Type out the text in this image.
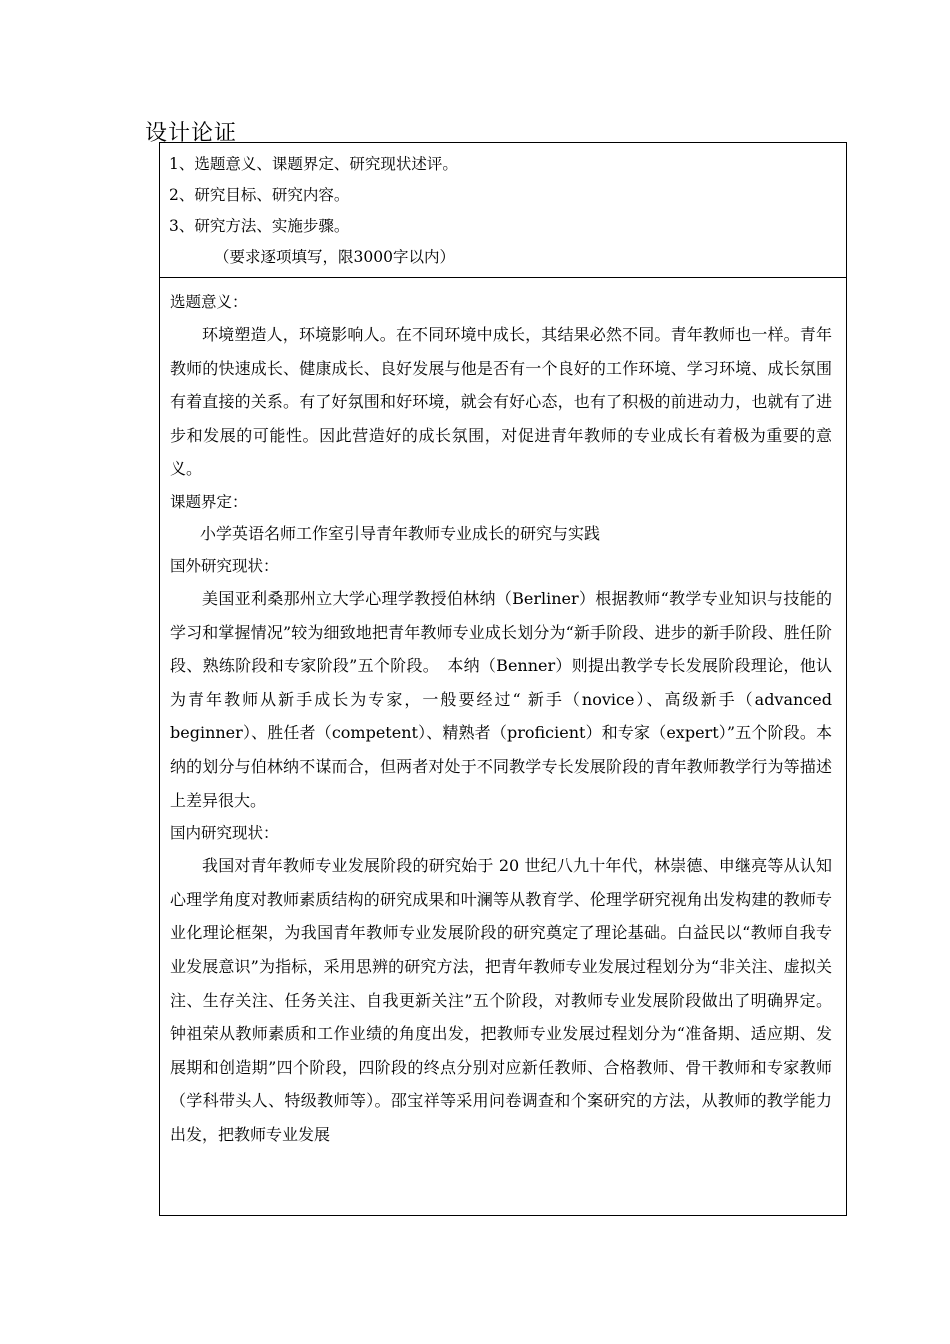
设计论证
1、选题意义、课题界定、研究现状述评。
2、研究目标、研究内容。
3、研究方法、实施步骤。
（要求逐项填写，限3000字以内）
选题意义：

环境塑造人，环境影响人。在不同环境中成长，其结果必然不同。青年教师也一样。青年教师的快速成长、健康成长、良好发展与他是否有一个良好的工作环境、学习环境、成长氛围有着直接的关系。有了好氛围和好环境，就会有好心态，也有了积极的前进动力，也就有了进步和发展的可能性。因此营造好的成长氛围，对促进青年教师的专业成长有着极为重要的意义。

课题界定：
小学英语名师工作室引导青年教师专业成长的研究与实践
国外研究现状：

美国亚利桑那州立大学心理学教授伯林纳（Berliner）根据教师“教学专业知识与技能的学习和掌握情况”较为细致地把青年教师专业成长划分为“新手阶段、进步的新手阶段、胜任阶段、熟练阶段和专家阶段”五个阶段。　本纳（Benner）则提出教学专长发展阶段理论，他认为青年教师从新手成长为专家，一般要经过“ 新手（novice）、高级新手（advanced beginner）、胜任者（competent）、精熟者（proficient）和专家（expert）”五个阶段。本纳的划分与伯林纳不谋而合，但两者对处于不同教学专长发展阶段的青年教师教学行为等描述上差异很大。

国内研究现状：

我国对青年教师专业发展阶段的研究始于 20 世纪八九十年代，林崇德、申继亮等从认知心理学角度对教师素质结构的研究成果和叶澜等从教育学、伦理学研究视角出发构建的教师专业化理论框架，为我国青年教师专业发展阶段的研究奠定了理论基础。白益民以“教师自我专业发展意识”为指标，采用思辨的研究方法，把青年教师专业发展过程划分为“非关注、虚拟关注、生存关注、任务关注、自我更新关注”五个阶段，对教师专业发展阶段做出了明确界定。钟祖荣从教师素质和工作业绩的角度出发，把教师专业发展过程划分为“准备期、适应期、发展期和创造期”四个阶段，四阶段的终点分别对应新任教师、合格教师、骨干教师和专家教师（学科带头人、特级教师等）。邵宝祥等采用问卷调查和个案研究的方法，从教师的教学能力出发，把教师专业发展
